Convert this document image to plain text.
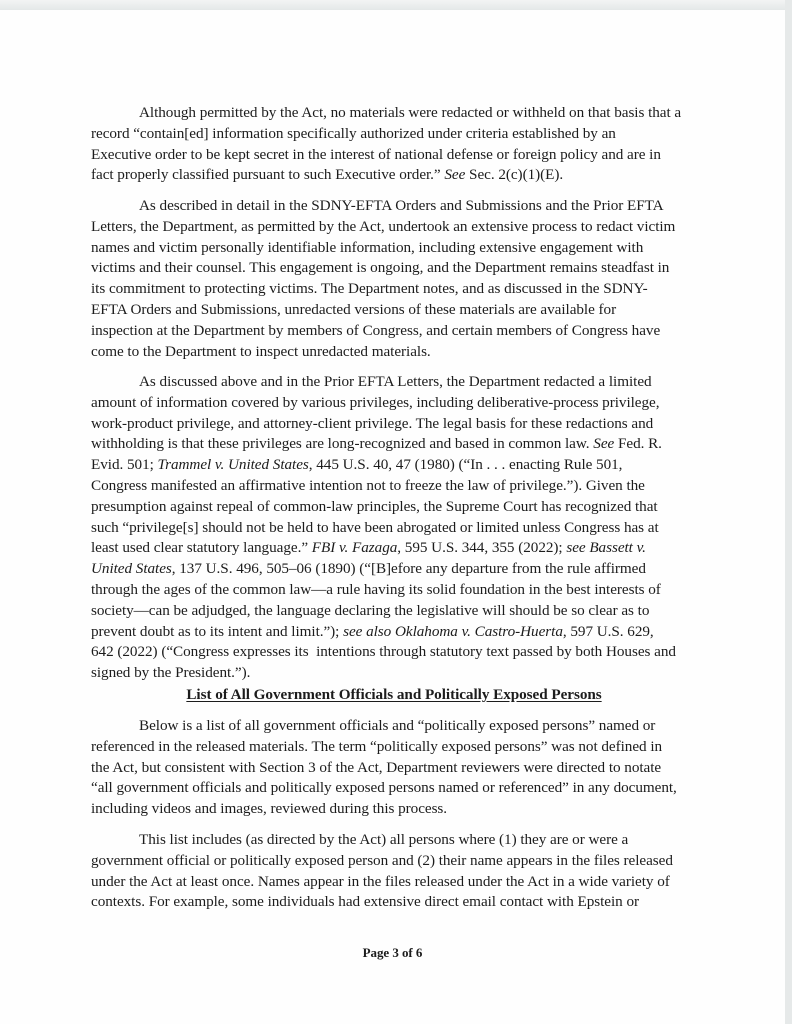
Although permitted by the Act, no materials were redacted or withheld on that basis that a
record “contain[ed] information specifically authorized under criteria established by an
Executive order to be kept secret in the interest of national defense or foreign policy and are in
fact properly classified pursuant to such Executive order.” See Sec. 2(c)(1)(E).
As described in detail in the SDNY-EFTA Orders and Submissions and the Prior EFTA
Letters, the Department, as permitted by the Act, undertook an extensive process to redact victim
names and victim personally identifiable information, including extensive engagement with
victims and their counsel. This engagement is ongoing, and the Department remains steadfast in
its commitment to protecting victims. The Department notes, and as discussed in the SDNY-
EFTA Orders and Submissions, unredacted versions of these materials are available for
inspection at the Department by members of Congress, and certain members of Congress have
come to the Department to inspect unredacted materials.
As discussed above and in the Prior EFTA Letters, the Department redacted a limited
amount of information covered by various privileges, including deliberative-process privilege,
work-product privilege, and attorney-client privilege. The legal basis for these redactions and
withholding is that these privileges are long-recognized and based in common law. See Fed. R.
Evid. 501; Trammel v. United States, 445 U.S. 40, 47 (1980) (“In . . . enacting Rule 501,
Congress manifested an affirmative intention not to freeze the law of privilege.”). Given the
presumption against repeal of common-law principles, the Supreme Court has recognized that
such “privilege[s] should not be held to have been abrogated or limited unless Congress has at
least used clear statutory language.” FBI v. Fazaga, 595 U.S. 344, 355 (2022); see Bassett v.
United States, 137 U.S. 496, 505–06 (1890) (“[B]efore any departure from the rule affirmed
through the ages of the common law—a rule having its solid foundation in the best interests of
society—can be adjudged, the language declaring the legislative will should be so clear as to
prevent doubt as to its intent and limit.”); see also Oklahoma v. Castro-Huerta, 597 U.S. 629,
642 (2022) (“Congress expresses its  intentions through statutory text passed by both Houses and
signed by the President.”).
Below is a list of all government officials and “politically exposed persons” named or
referenced in the released materials. The term “politically exposed persons” was not defined in
the Act, but consistent with Section 3 of the Act, Department reviewers were directed to notate
“all government officials and politically exposed persons named or referenced” in any document,
including videos and images, reviewed during this process.
This list includes (as directed by the Act) all persons where (1) they are or were a
government official or politically exposed person and (2) their name appears in the files released
under the Act at least once. Names appear in the files released under the Act in a wide variety of
contexts. For example, some individuals had extensive direct email contact with Epstein or
List of All Government Officials and Politically Exposed Persons
Page 3 of 6
